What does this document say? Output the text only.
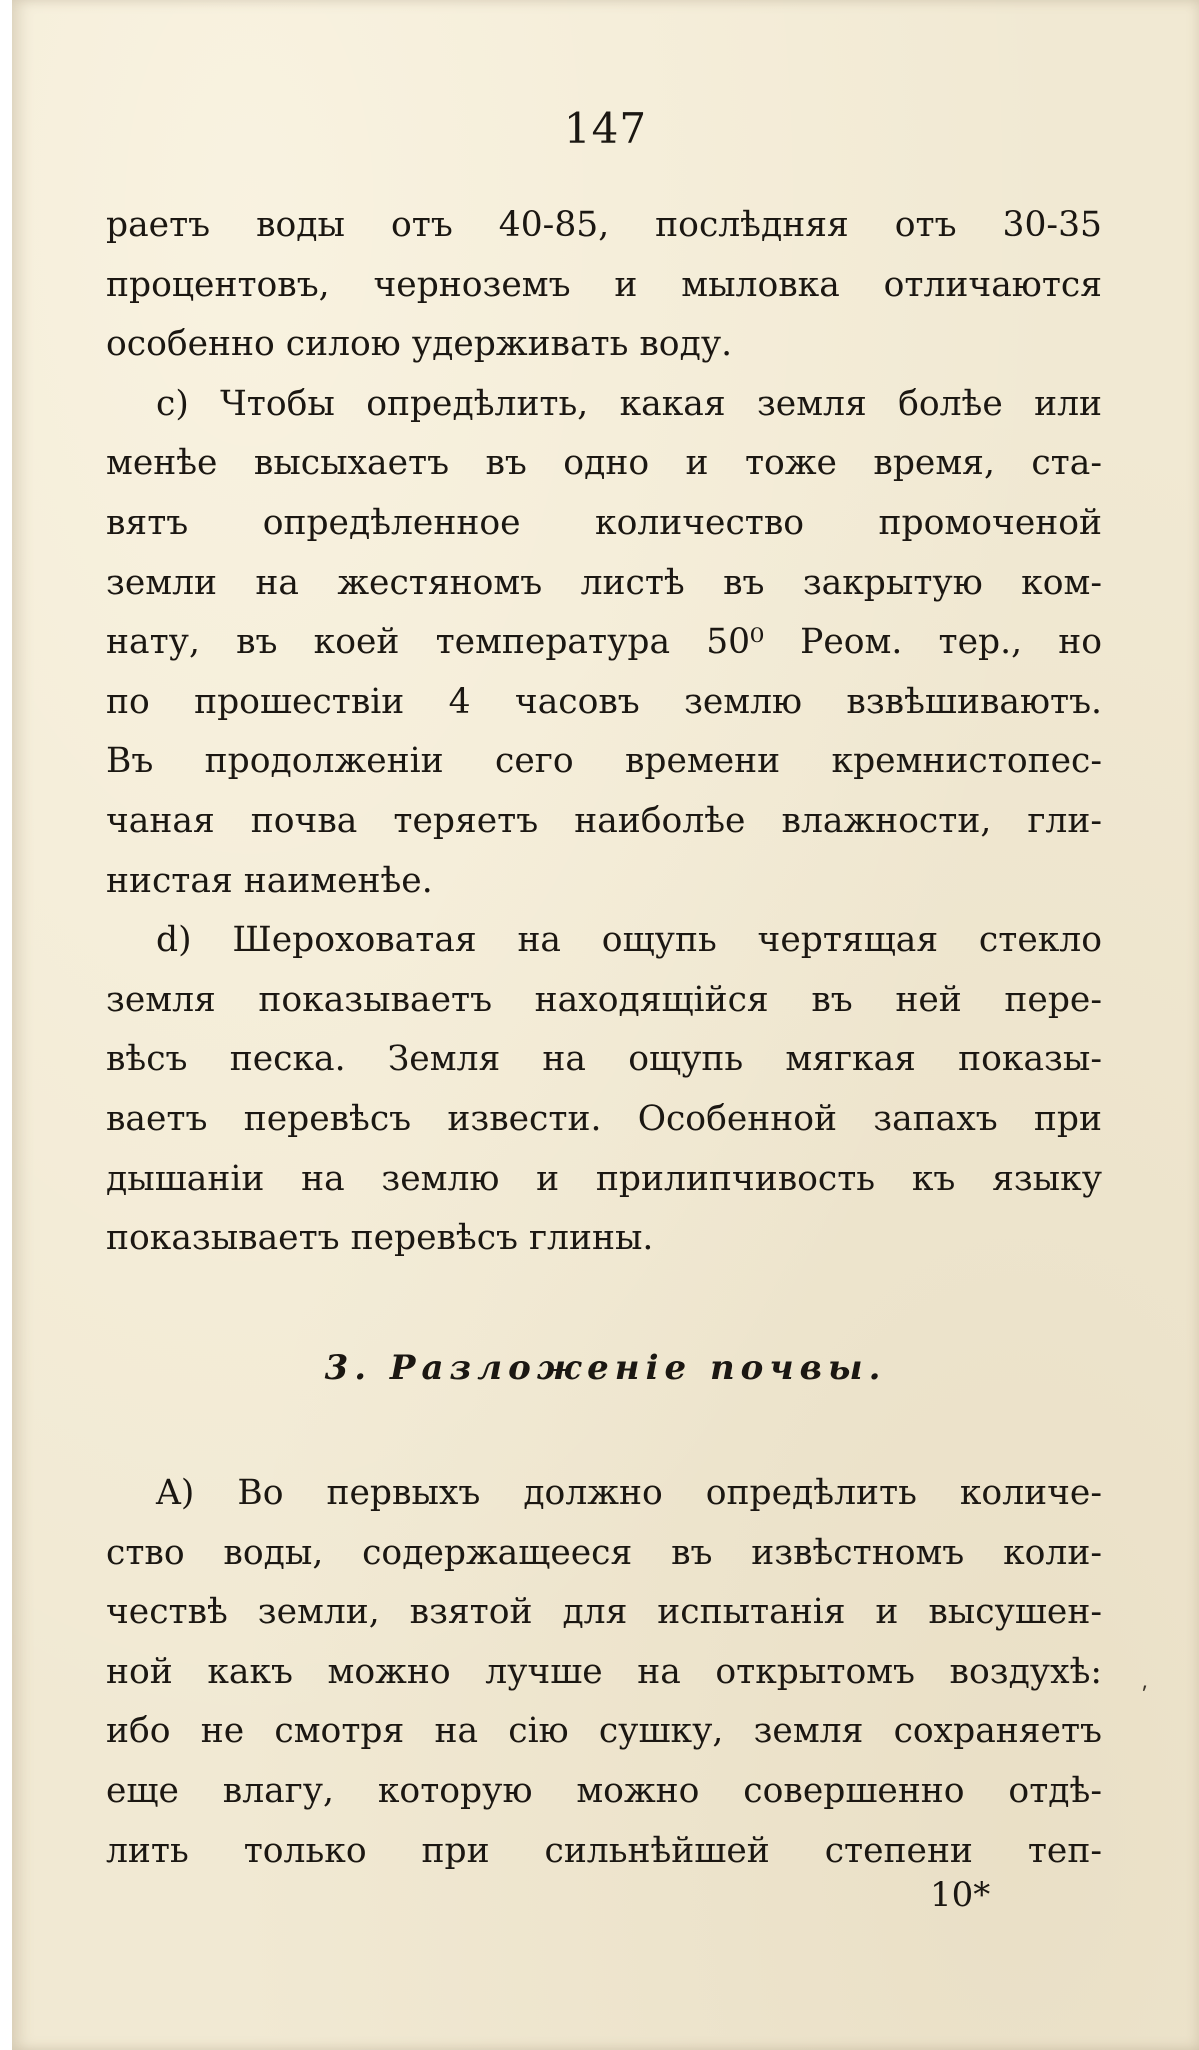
147
раетъ воды отъ 40-85, послѣдняя отъ 30-35
процентовъ, черноземъ и мыловка отличаются
особенно силою удерживать воду.
c) Чтобы опредѣлить, какая земля болѣе или
менѣе высыхаетъ въ одно и тоже время, ста-
вятъ опредѣленное количество промоченой
земли на жестяномъ листѣ въ закрытую ком-
нату, въ коей температура 50⁰ Реом. тер., но
по прошествіи 4 часовъ землю взвѣшиваютъ.
Въ продолженіи сего времени кремнистопес-
чаная почва теряетъ наиболѣе влажности, гли-
нистая наименѣе.
d) Шероховатая на ощупь чертящая стекло
земля показываетъ находящійся въ ней пере-
вѣсъ песка. Земля на ощупь мягкая показы-
ваетъ перевѣсъ извести. Особенной запахъ при
дышаніи на землю и прилипчивость къ языку
показываетъ перевѣсъ глины.
3. Разложеніе почвы.
A) Во первыхъ должно опредѣлить количе-
ство воды, содержащееся въ извѣстномъ коли-
чествѣ земли, взятой для испытанія и высушен-
ной какъ можно лучше на открытомъ воздухѣ:
ибо не смотря на сію сушку, земля сохраняетъ
еще влагу, которую можно совершенно отдѣ-
лить только при сильнѣйшей степени теп-
⸴
10*
